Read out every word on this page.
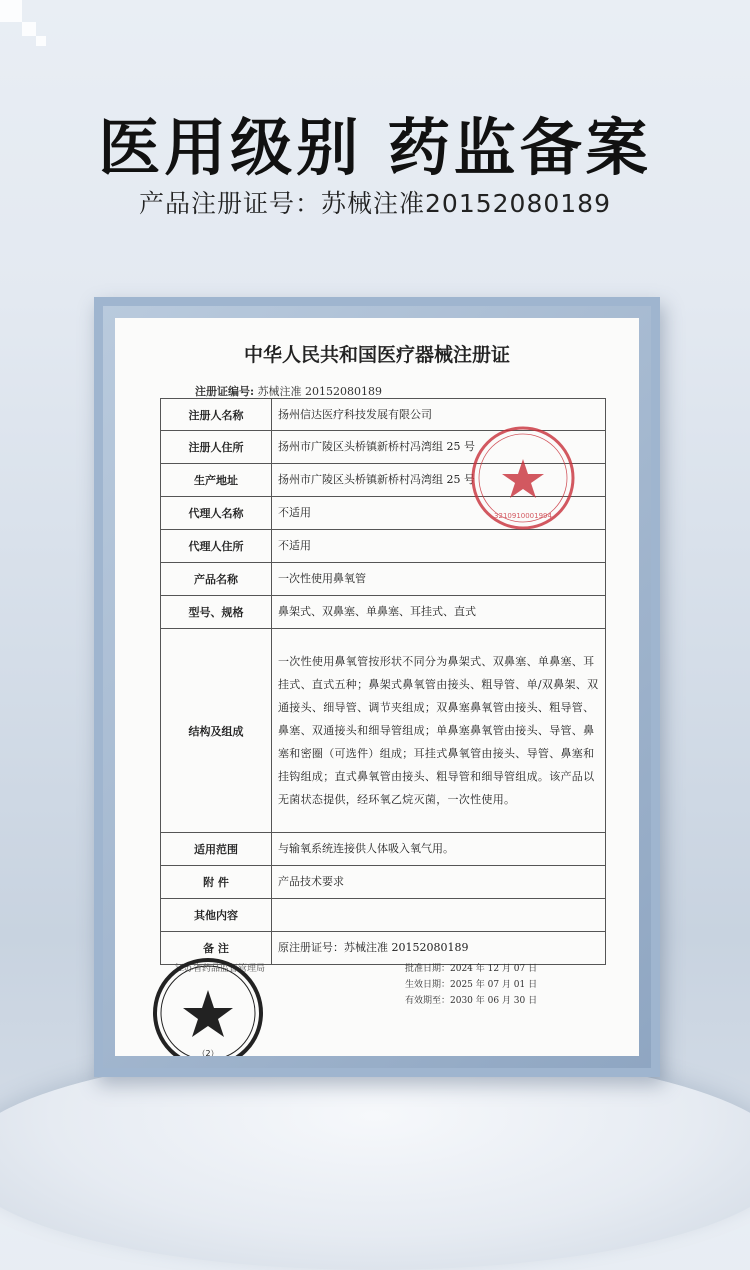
医用级别 药监备案

产品注册证号：苏械注准20152080189

中华人民共和国医疗器械注册证
注册证编号: 苏械注准 20152080189
注册人名称	扬州信达医疗科技发展有限公司
注册人住所	扬州市广陵区头桥镇新桥村冯湾组 25 号
生产地址	扬州市广陵区头桥镇新桥村冯湾组 25 号
代理人名称	不适用
代理人住所	不适用
产品名称	一次性使用鼻氧管
型号、规格	鼻架式、双鼻塞、单鼻塞、耳挂式、直式
结构及组成	一次性使用鼻氧管按形状不同分为鼻架式、双鼻塞、单鼻塞、耳挂式、直式五种；鼻架式鼻氧管由接头、粗导管、单/双鼻架、双通接头、细导管、调节夹组成；双鼻塞鼻氧管由接头、粗导管、鼻塞、双通接头和细导管组成；单鼻塞鼻氧管由接头、导管、鼻塞和密圈（可选件）组成；耳挂式鼻氧管由接头、导管、鼻塞和挂钩组成；直式鼻氧管由接头、粗导管和细导管组成。该产品以无菌状态提供，经环氧乙烷灭菌，一次性使用。
适用范围	与输氧系统连接供人体吸入氧气用。
附 件	产品技术要求
其他内容	
备 注	原注册证号：苏械注准 20152080189
3210910001994
江苏省药品监督管理局	批准日期：2024 年 12 月 07 日
生效日期：2025 年 07 月 01 日
有效期至：2030 年 06 月 30 日
（2）
